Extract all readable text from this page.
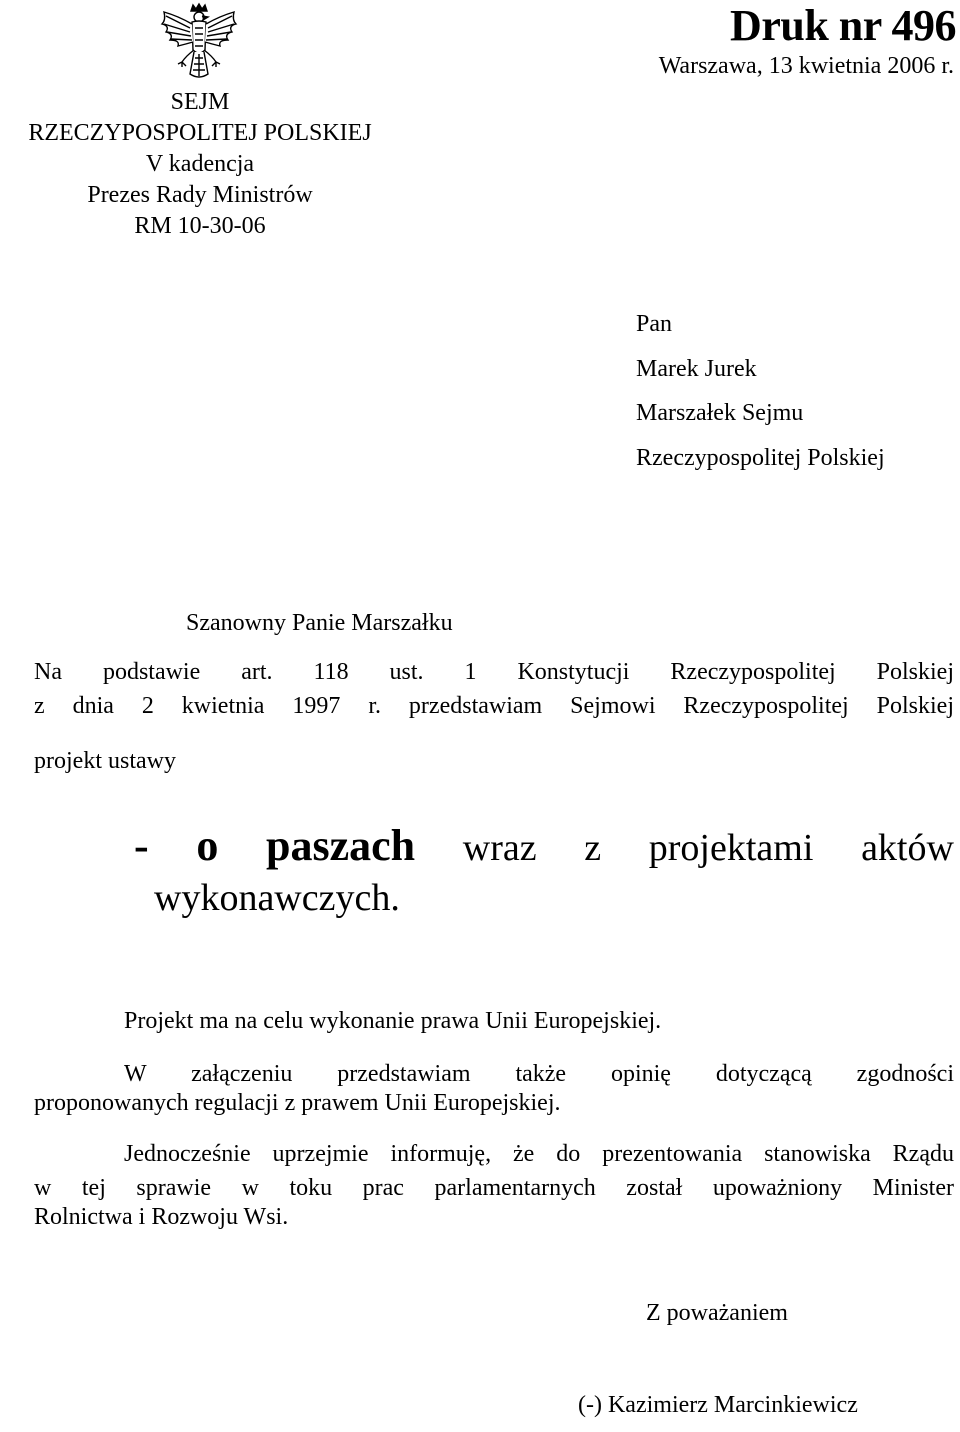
SEJM
RZECZYPOSPOLITEJ POLSKIEJ
V kadencja
Prezes Rady Ministrów
RM 10-30-06
Druk nr 496
Warszawa, 13 kwietnia 2006 r.
Pan
Marek Jurek
Marszałek Sejmu
Rzeczypospolitej Polskiej
Szanowny Panie Marszałku
Na podstawie art. 118 ust. 1 Konstytucji Rzeczypospolitej Polskiej
z dnia 2 kwietnia 1997 r. przedstawiam Sejmowi Rzeczypospolitej Polskiej
projekt ustawy
- o paszach wraz z projektami aktów
wykonawczych.
Projekt ma na celu wykonanie prawa Unii Europejskiej.
W załączeniu przedstawiam także opinię dotyczącą zgodności
proponowanych regulacji z prawem Unii Europejskiej.
Jednocześnie uprzejmie informuję, że do prezentowania stanowiska Rządu
w tej sprawie w toku prac parlamentarnych został upoważniony Minister
Rolnictwa i Rozwoju Wsi.
Z poważaniem
(-) Kazimierz Marcinkiewicz
